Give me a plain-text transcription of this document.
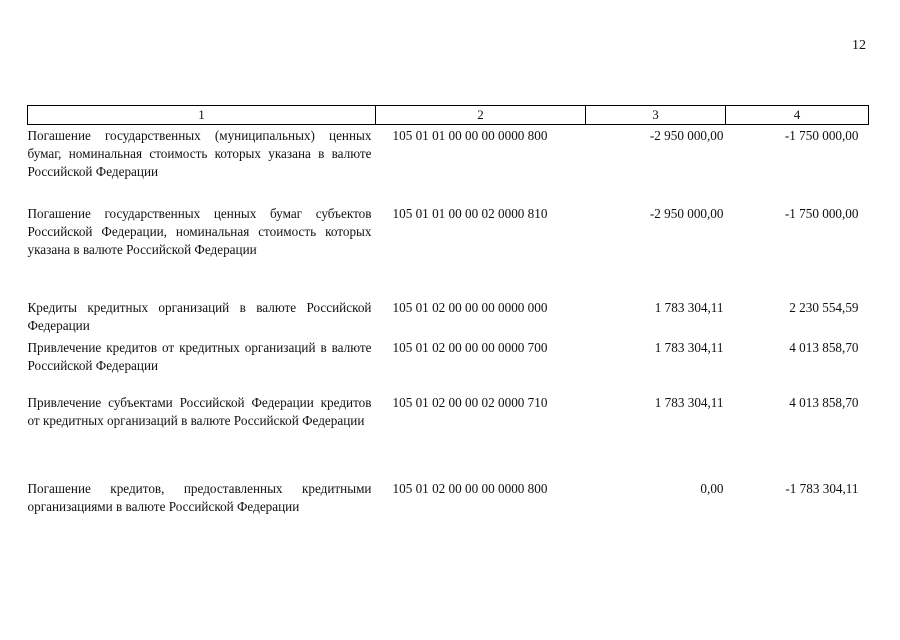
12
1	2	3	4
Погашение государственных (муниципальных) ценных бумаг, номинальная стоимость которых указана в валюте Российской Федерации	105 01 01 00 00 00 0000 800	-2 950 000,00	-1 750 000,00
Погашение государственных ценных бумаг субъектов Российской Федерации, номинальная стоимость которых указана в валюте Российской Федерации	105 01 01 00 00 02 0000 810	-2 950 000,00	-1 750 000,00
Кредиты кредитных организаций в валюте Российской Федерации	105 01 02 00 00 00 0000 000	1 783 304,11	2 230 554,59
Привлечение кредитов от кредитных организаций в валюте Российской Федерации	105 01 02 00 00 00 0000 700	1 783 304,11	4 013 858,70
Привлечение субъектами Российской Федерации кредитов от кредитных организаций в валюте Российской Федерации	105 01 02 00 00 02 0000 710	1 783 304,11	4 013 858,70
Погашение кредитов, предоставленных кредитными организациями в валюте Российской Федерации	105 01 02 00 00 00 0000 800	0,00	-1 783 304,11
